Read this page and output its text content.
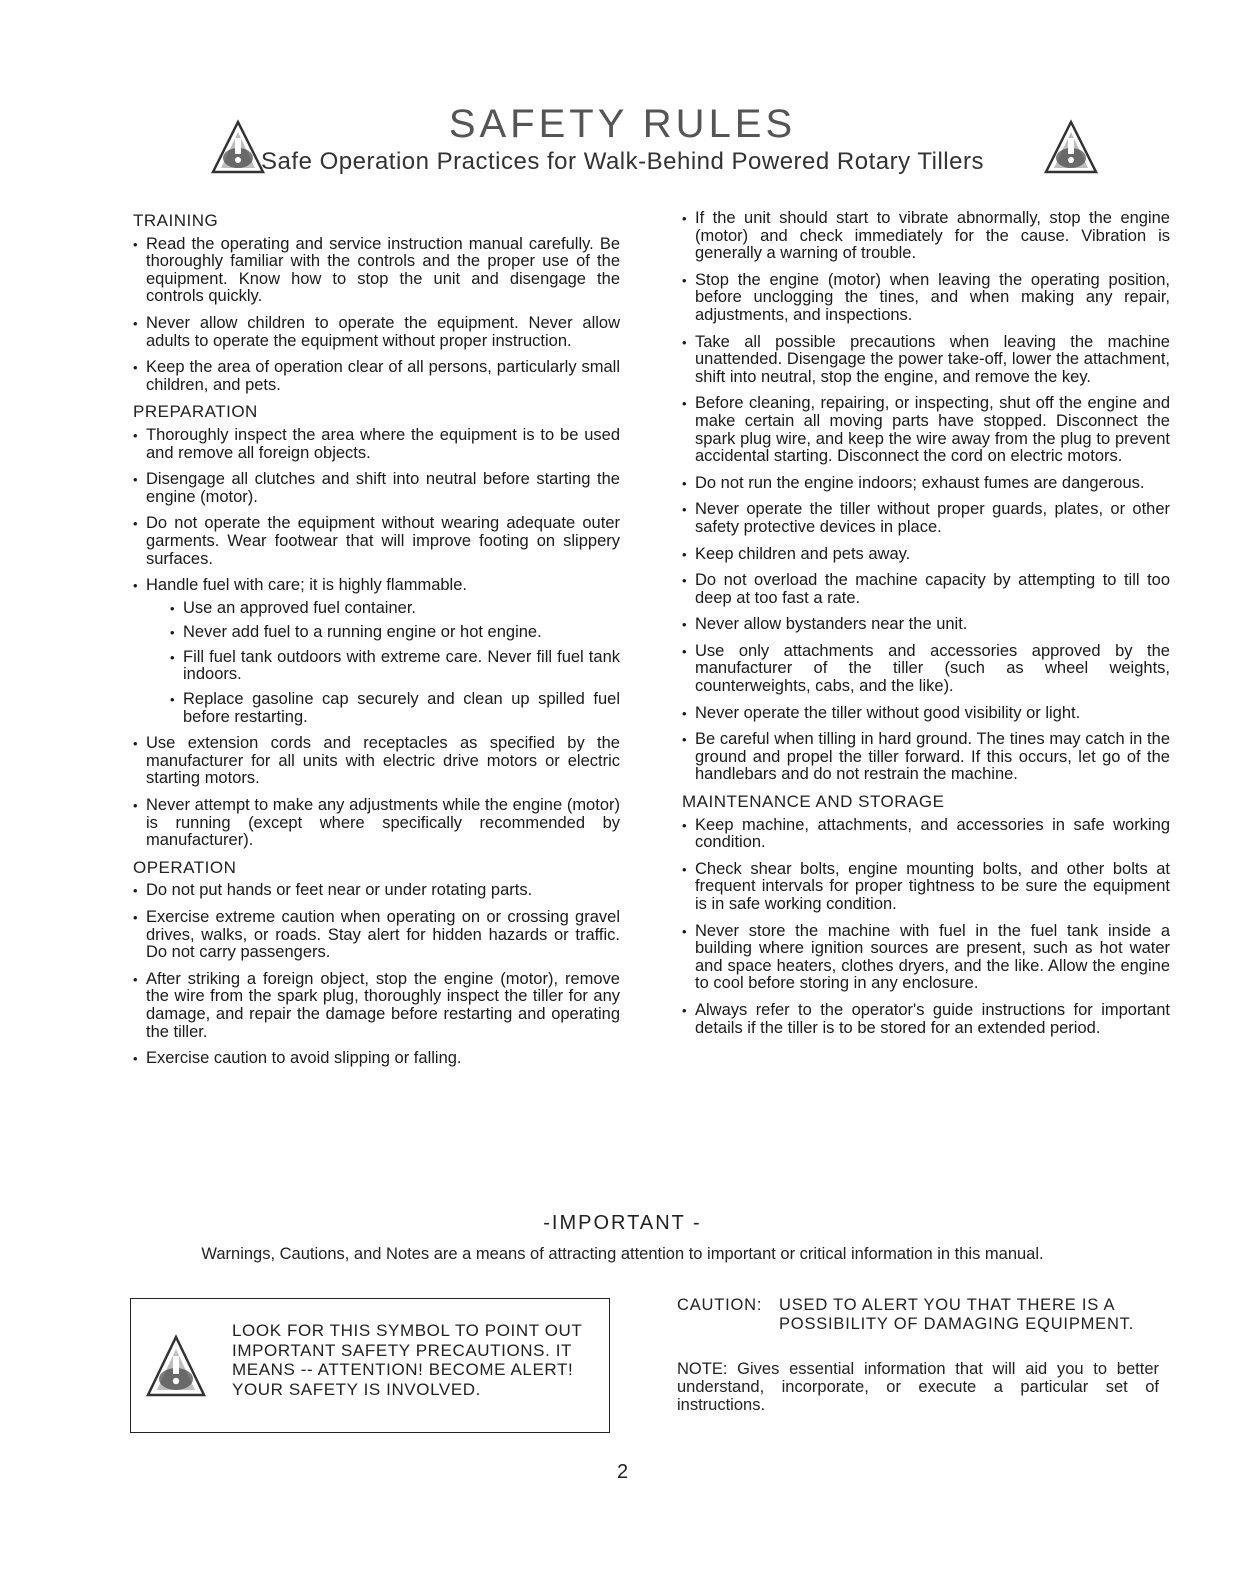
SAFETY RULES
Safe Operation Practices for Walk-Behind Powered Rotary Tillers
TRAINING
• Read the operating and service instruction manual carefully. Be thoroughly familiar with the controls and the proper use of the equipment. Know how to stop the unit and disengage the controls quickly.
• Never allow children to operate the equipment. Never allow adults to operate the equipment without proper instruction.
• Keep the area of operation clear of all persons, particularly small children, and pets.
PREPARATION
• Thoroughly inspect the area where the equipment is to be used and remove all foreign objects.
• Disengage all clutches and shift into neutral before starting the engine (motor).
• Do not operate the equipment without wearing adequate outer garments. Wear footwear that will improve footing on slippery surfaces.
• Handle fuel with care; it is highly flammable.
• Use an approved fuel container.
• Never add fuel to a running engine or hot engine.
• Fill fuel tank outdoors with extreme care. Never fill fuel tank indoors.
• Replace gasoline cap securely and clean up spilled fuel before restarting.
• Use extension cords and receptacles as specified by the manufacturer for all units with electric drive motors or electric starting motors.
• Never attempt to make any adjustments while the engine (motor) is running (except where specifically recommended by manufacturer).
OPERATION
• Do not put hands or feet near or under rotating parts.
• Exercise extreme caution when operating on or crossing gravel drives, walks, or roads. Stay alert for hidden hazards or traffic. Do not carry passengers.
• After striking a foreign object, stop the engine (motor), remove the wire from the spark plug, thoroughly inspect the tiller for any damage, and repair the damage before restarting and operating the tiller.
• Exercise caution to avoid slipping or falling.
• If the unit should start to vibrate abnormally, stop the engine (motor) and check immediately for the cause. Vibration is generally a warning of trouble.
• Stop the engine (motor) when leaving the operating position, before unclogging the tines, and when making any repair, adjustments, and inspections.
• Take all possible precautions when leaving the machine unattended. Disengage the power take-off, lower the attachment, shift into neutral, stop the engine, and remove the key.
• Before cleaning, repairing, or inspecting, shut off the engine and make certain all moving parts have stopped. Disconnect the spark plug wire, and keep the wire away from the plug to prevent accidental starting. Disconnect the cord on electric motors.
• Do not run the engine indoors; exhaust fumes are dangerous.
• Never operate the tiller without proper guards, plates, or other safety protective devices in place.
• Keep children and pets away.
• Do not overload the machine capacity by attempting to till too deep at too fast a rate.
• Never allow bystanders near the unit.
• Use only attachments and accessories approved by the manufacturer of the tiller (such as wheel weights, counterweights, cabs, and the like).
• Never operate the tiller without good visibility or light.
• Be careful when tilling in hard ground. The tines may catch in the ground and propel the tiller forward. If this occurs, let go of the handlebars and do not restrain the machine.
MAINTENANCE AND STORAGE
• Keep machine, attachments, and accessories in safe working condition.
• Check shear bolts, engine mounting bolts, and other bolts at frequent intervals for proper tightness to be sure the equipment is in safe working condition.
• Never store the machine with fuel in the fuel tank inside a building where ignition sources are present, such as hot water and space heaters, clothes dryers, and the like. Allow the engine to cool before storing in any enclosure.
• Always refer to the operator's guide instructions for important details if the tiller is to be stored for an extended period.
-IMPORTANT -
Warnings, Cautions, and Notes are a means of attracting attention to important or critical information in this manual.
LOOK FOR THIS SYMBOL TO POINT OUT IMPORTANT SAFETY PRECAUTIONS. IT MEANS -- ATTENTION! BECOME ALERT! YOUR SAFETY IS INVOLVED.
CAUTION:	USED TO ALERT YOU THAT THERE IS A POSSIBILITY OF DAMAGING EQUIPMENT.
NOTE: Gives essential information that will aid you to better understand, incorporate, or execute a particular set of instructions.
2
